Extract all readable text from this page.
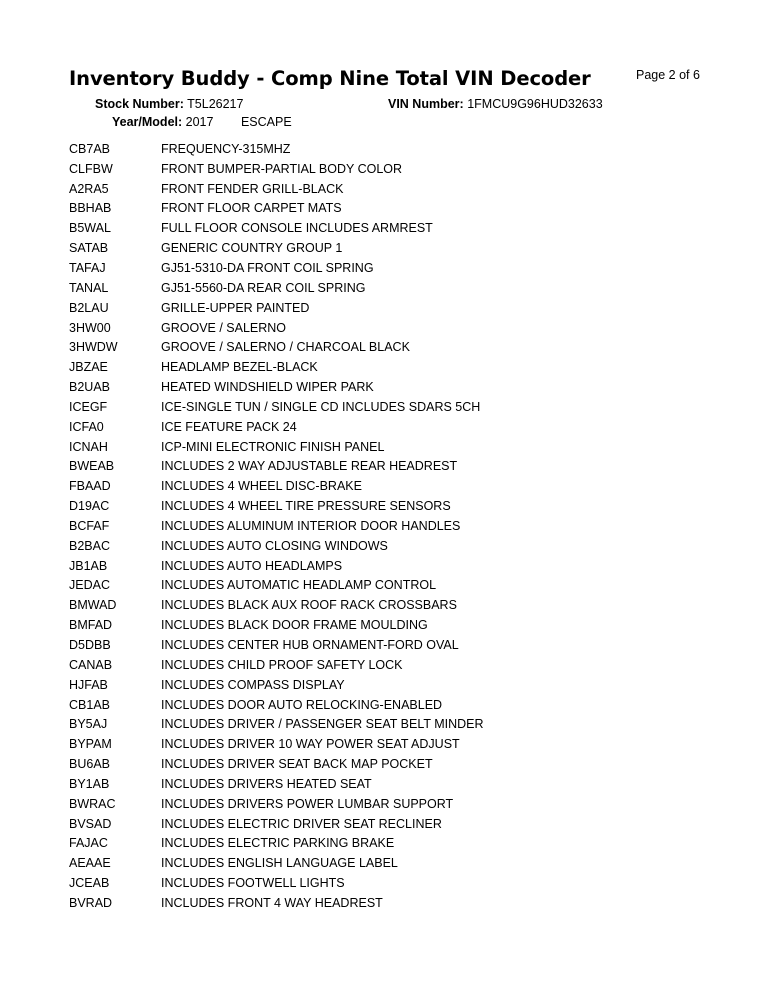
Inventory Buddy - Comp Nine Total VIN Decoder	Page 2 of 6
Stock Number: T5L26217	VIN Number: 1FMCU9G96HUD32633
Year/Model: 2017 ESCAPE
CB7AB	FREQUENCY-315MHZ
CLFBW	FRONT BUMPER-PARTIAL BODY COLOR
A2RA5	FRONT FENDER GRILL-BLACK
BBHAB	FRONT FLOOR CARPET MATS
B5WAL	FULL FLOOR CONSOLE INCLUDES ARMREST
SATAB	GENERIC COUNTRY GROUP 1
TAFAJ	GJ51-5310-DA FRONT COIL SPRING
TANAL	GJ51-5560-DA REAR COIL SPRING
B2LAU	GRILLE-UPPER PAINTED
3HW00	GROOVE / SALERNO
3HWDW	GROOVE / SALERNO / CHARCOAL BLACK
JBZAE	HEADLAMP BEZEL-BLACK
B2UAB	HEATED WINDSHIELD WIPER PARK
ICEGF	ICE-SINGLE TUN / SINGLE CD INCLUDES SDARS 5CH
ICFA0	ICE FEATURE PACK 24
ICNAH	ICP-MINI ELECTRONIC FINISH PANEL
BWEAB	INCLUDES 2 WAY ADJUSTABLE REAR HEADREST
FBAAD	INCLUDES 4 WHEEL DISC-BRAKE
D19AC	INCLUDES 4 WHEEL TIRE PRESSURE SENSORS
BCFAF	INCLUDES ALUMINUM INTERIOR DOOR HANDLES
B2BAC	INCLUDES AUTO CLOSING WINDOWS
JB1AB	INCLUDES AUTO HEADLAMPS
JEDAC	INCLUDES AUTOMATIC HEADLAMP CONTROL
BMWAD	INCLUDES BLACK AUX ROOF RACK CROSSBARS
BMFAD	INCLUDES BLACK DOOR FRAME MOULDING
D5DBB	INCLUDES CENTER HUB ORNAMENT-FORD OVAL
CANAB	INCLUDES CHILD PROOF SAFETY LOCK
HJFAB	INCLUDES COMPASS DISPLAY
CB1AB	INCLUDES DOOR AUTO RELOCKING-ENABLED
BY5AJ	INCLUDES DRIVER / PASSENGER SEAT BELT MINDER
BYPAM	INCLUDES DRIVER 10 WAY POWER SEAT ADJUST
BU6AB	INCLUDES DRIVER SEAT BACK MAP POCKET
BY1AB	INCLUDES DRIVERS HEATED SEAT
BWRAC	INCLUDES DRIVERS POWER LUMBAR SUPPORT
BVSAD	INCLUDES ELECTRIC DRIVER SEAT RECLINER
FAJAC	INCLUDES ELECTRIC PARKING BRAKE
AEAAE	INCLUDES ENGLISH LANGUAGE LABEL
JCEAB	INCLUDES FOOTWELL LIGHTS
BVRAD	INCLUDES FRONT 4 WAY HEADREST
